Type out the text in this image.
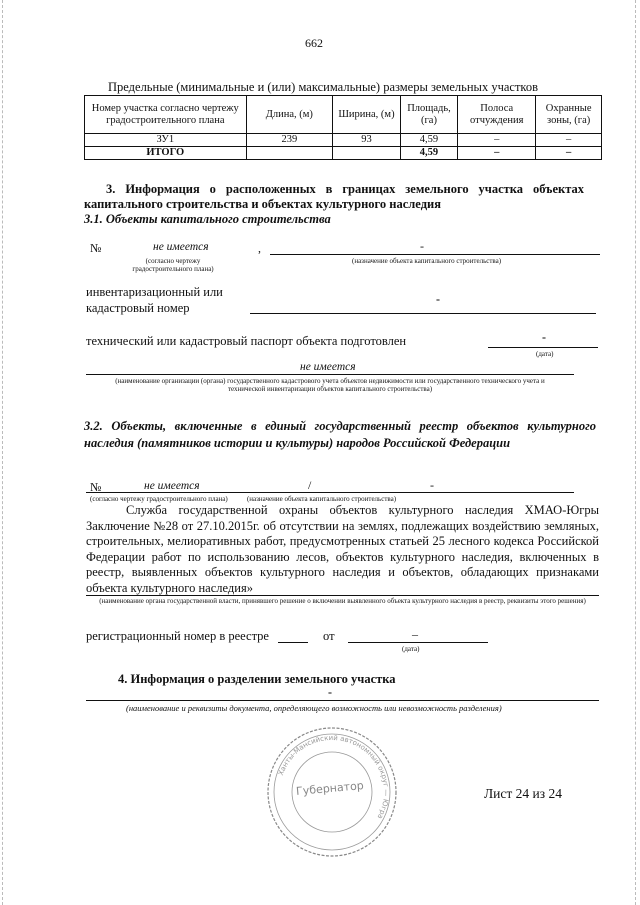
662
Предельные (минимальные и (или) максимальные) размеры земельных участков
Номер участка согласно чертежу градостроительного плана	Длина, (м)	Ширина, (м)	Площадь, (га)	Полоса отчуждения	Охранные зоны, (га)
ЗУ1	239	93	4,59	–	–
ИТОГО			4,59	–	–
3. Информация о расположенных в границах земельного участка объектах капитального строительства и объектах культурного наследия
3.1. Объекты капитального строительства
№	не имеется	,	-
(согласно чертежу градостроительного плана)
(назначение объекта капитального строительства)
инвентаризационный или кадастровый номер
-
технический или кадастровый паспорт объекта подготовлен	-
(дата)
не имеется
(наименование организации (органа) государственного кадастрового учета объектов недвижимости или государственного технического учета и технической инвентаризации объектов капитального строительства)
3.2. Объекты, включенные в единый государственный реестр объектов культурного наследия (памятников истории и культуры) народов Российской Федерации
№	не имеется	/	-
(согласно чертежу градостроительного плана)           (назначение объекта капитального строительства)
Служба государственной охраны объектов культурного наследия ХМАО-Югры Заключение №28 от 27.10.2015г. об отсутствии на землях, подлежащих воздействию земляных, строительных, мелиоративных работ, предусмотренных статьей 25 лесного кодекса Российской Федерации работ по использованию лесов, объектов культурного наследия, включенных в реестр, выявленных объектов культурного наследия и объектов, обладающих признаками объекта культурного наследия»
(наименование органа государственной власти, принявшего решение о включении выявленного объекта культурного наследия в реестр, реквизиты этого решения)
регистрационный номер в реестре	от	–
(дата)
4. Информация о разделении земельного участка
-
(наименование и реквизиты документа, определяющего возможность или невозможность разделения)
Ханты-Мансийский автономный округ — Югра
Губернатор	Лист 24 из 24
